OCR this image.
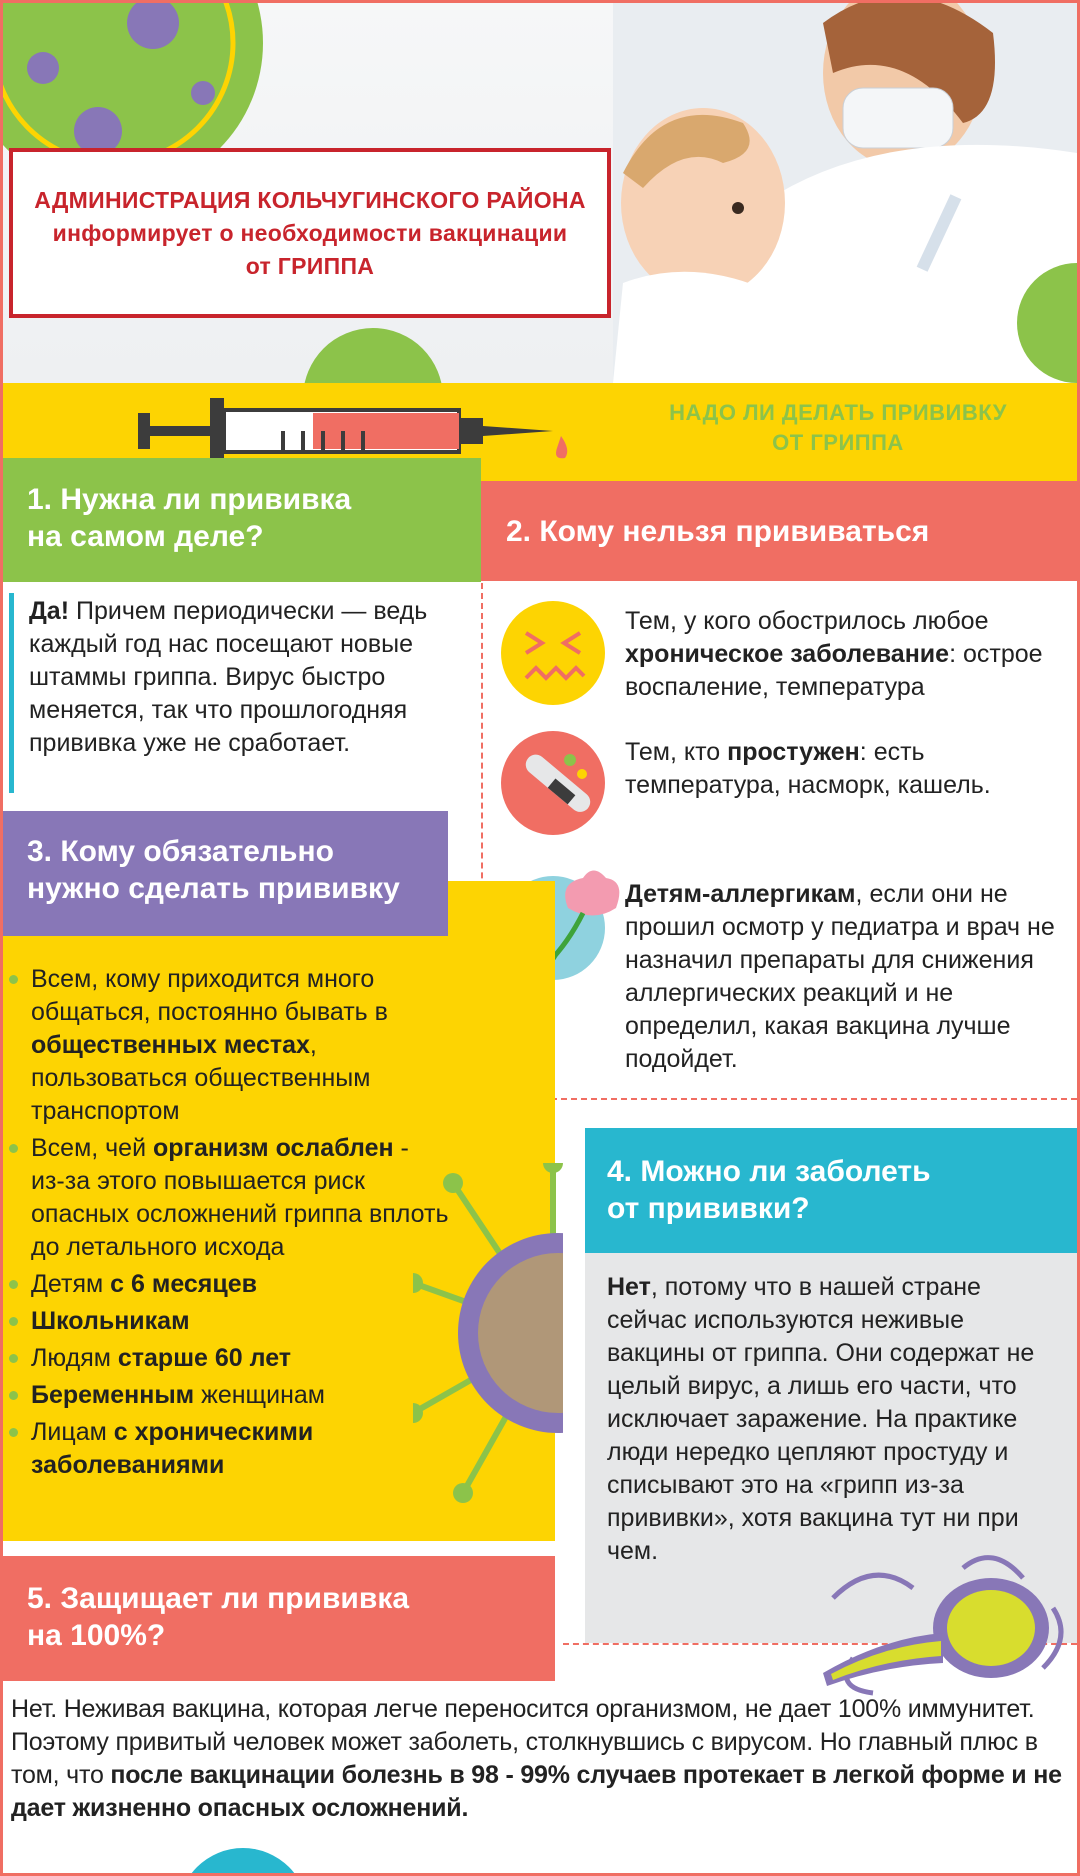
АДМИНИСТРАЦИЯ КОЛЬЧУГИНСКОГО РАЙОНА
информирует о необходимости вакцинации
от ГРИППА
НАДО ЛИ ДЕЛАТЬ ПРИВИВКУ
ОТ ГРИППА
1. Нужна ли прививка
на самом деле?
Да! Причем периодически — ведь каждый год нас посещают новые штаммы гриппа. Вирус быстро меняется, так что прошлогодняя прививка уже не сработает.
2. Кому нельзя прививаться
Тем, у кого обострилось любое хроническое заболевание: острое воспаление, температура
Тем, кто простужен: есть температура, насморк, кашель.
Детям-аллергикам, если они не прошил осмотр у педиатра и врач не назначил препараты для снижения аллергических реакций и не определил, какая вакцина лучше подойдет.
3. Кому обязательно
нужно сделать прививку
Всем, кому приходится много общаться, постоянно бывать в общественных местах, пользоваться общественным транспортом
Всем, чей организм ослаблен - из-за этого повышается риск опасных осложнений гриппа вплоть до летального исхода
Детям с 6 месяцев
Школьникам
Людям старше 60 лет
Беременным женщинам
Лицам с хроническими заболеваниями
4. Можно ли заболеть
от прививки?
Нет, потому что в нашей стране сейчас используются неживые вакцины от гриппа. Они содержат не целый вирус, а лишь его части, что исключает заражение. На практике люди нередко цепляют простуду и списывают это на «грипп из-за прививки», хотя вакцина тут ни при чем.
5. Защищает ли прививка
на 100%?
Нет. Неживая вакцина, которая легче переносится организмом, не дает 100% иммунитет. Поэтому привитый человек может заболеть, столкнувшись с вирусом. Но главный плюс в том, что после вакцинации болезнь в 98 - 99% случаев протекает в легкой форме и не дает жизненно опасных осложнений.
